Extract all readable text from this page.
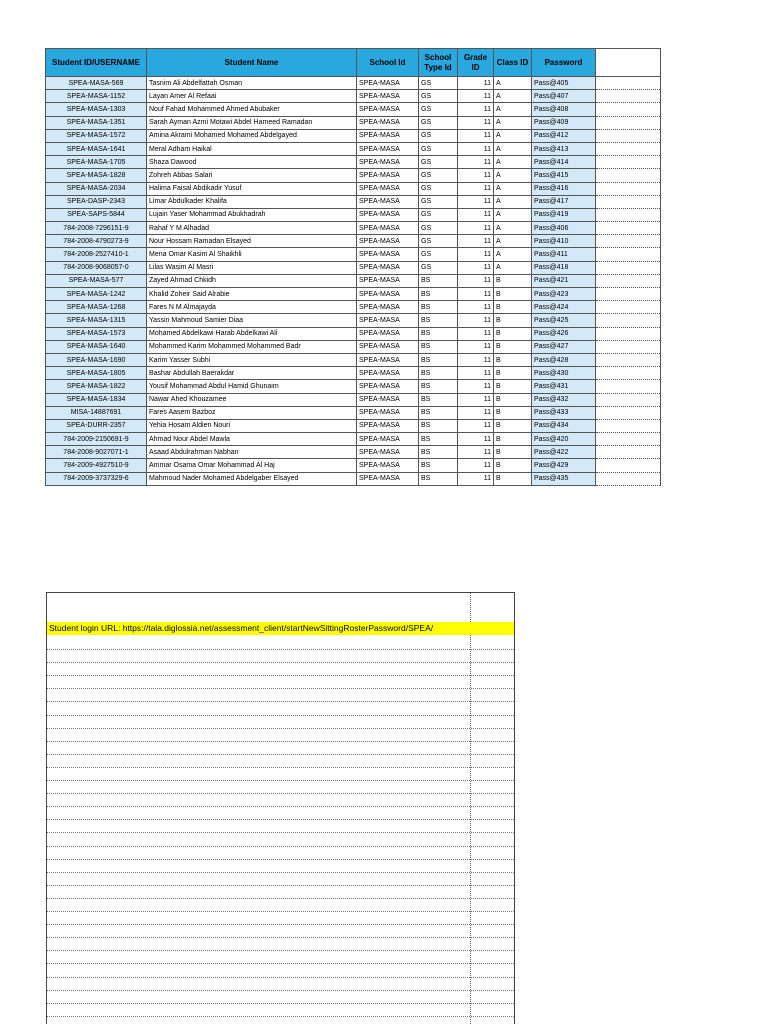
Student ID/USERNAME	Student Name	School Id	School Type Id	Grade ID	Class ID	Password	
SPEA-MASA-569	Tasnim Ali Abdelfattah Osman	SPEA-MASA	GS	11	A	Pass@405	
SPEA-MASA-1152	Layan Amer Al Refaai	SPEA-MASA	GS	11	A	Pass@407	
SPEA-MASA-1303	Nouf Fahad Mohammed Ahmed Abubaker	SPEA-MASA	GS	11	A	Pass@408	
SPEA-MASA-1351	Sarah Ayman Azmi Motawi Abdel Hameed Ramadan	SPEA-MASA	GS	11	A	Pass@409	
SPEA-MASA-1572	Amina Akrami Mohamed Mohamed Abdelgayed	SPEA-MASA	GS	11	A	Pass@412	
SPEA-MASA-1641	Meral Adham Haikal	SPEA-MASA	GS	11	A	Pass@413	
SPEA-MASA-1705	Shaza Dawood	SPEA-MASA	GS	11	A	Pass@414	
SPEA-MASA-1828	Zohreh Abbas Salari	SPEA-MASA	GS	11	A	Pass@415	
SPEA-MASA-2034	Halima Faisal Abdikadir Yusuf	SPEA-MASA	GS	11	A	Pass@416	
SPEA-DASP-2343	Limar Abdulkader Khalifa	SPEA-MASA	GS	11	A	Pass@417	
SPEA-SAPS-5844	Lujain Yaser Mohammad Abukhadrah	SPEA-MASA	GS	11	A	Pass@419	
784-2008-7296151-9	Rahaf Y M Alhadad	SPEA-MASA	GS	11	A	Pass@406	
784-2008-4790273-9	Nour Hossam Ramadan Elsayed	SPEA-MASA	GS	11	A	Pass@410	
784-2008-2527410-1	Mena Omar Kasim Al Shaikhli	SPEA-MASA	GS	11	A	Pass@411	
784-2008-9068057-0	Lilas Wasim Al Masri	SPEA-MASA	GS	11	A	Pass@418	
SPEA-MASA-577	Zayed Ahmad Chkidh	SPEA-MASA	BS	11	B	Pass@421	
SPEA-MASA-1242	Khalid Zoheir Said Alrabie	SPEA-MASA	BS	11	B	Pass@423	
SPEA-MASA-1268	Fares N M Almajayda	SPEA-MASA	BS	11	B	Pass@424	
SPEA-MASA-1315	Yassin Mahmoud Samier Diaa	SPEA-MASA	BS	11	B	Pass@425	
SPEA-MASA-1573	Mohamed Abdelkawi Harab Abdelkawi Ali	SPEA-MASA	BS	11	B	Pass@426	
SPEA-MASA-1640	Mohammed Karim Mohammed Mohammed Badr	SPEA-MASA	BS	11	B	Pass@427	
SPEA-MASA-1690	Karim Yasser Subhi	SPEA-MASA	BS	11	B	Pass@428	
SPEA-MASA-1805	Bashar Abdullah Baerakdar	SPEA-MASA	BS	11	B	Pass@430	
SPEA-MASA-1822	Yousif Mohammad Abdul Hamid Ghunaim	SPEA-MASA	BS	11	B	Pass@431	
SPEA-MASA-1834	Nawar Ahed Khouzamee	SPEA-MASA	BS	11	B	Pass@432	
MISA-14887691	Fares Aasem Bazboz	SPEA-MASA	BS	11	B	Pass@433	
SPEA-DURR-2357	Yehia Hosam Aldien Nouri	SPEA-MASA	BS	11	B	Pass@434	
784-2009-2150691-9	Ahmad Nour Abdel Mawla	SPEA-MASA	BS	11	B	Pass@420	
784-2008-9027071-1	Asaad Abdulrahman Nabhan	SPEA-MASA	BS	11	B	Pass@422	
784-2009-4927510-9	Ammar Osama Omar Mohammad Al Haj	SPEA-MASA	BS	11	B	Pass@429	
784-2009-3737329-6	Mahmoud Nader Mohamed Abdelgaber Elsayed	SPEA-MASA	BS	11	B	Pass@435	
Student login URL: https://tala.diglossia.net/assessment_client/startNewSittingRosterPassword/SPEA/
